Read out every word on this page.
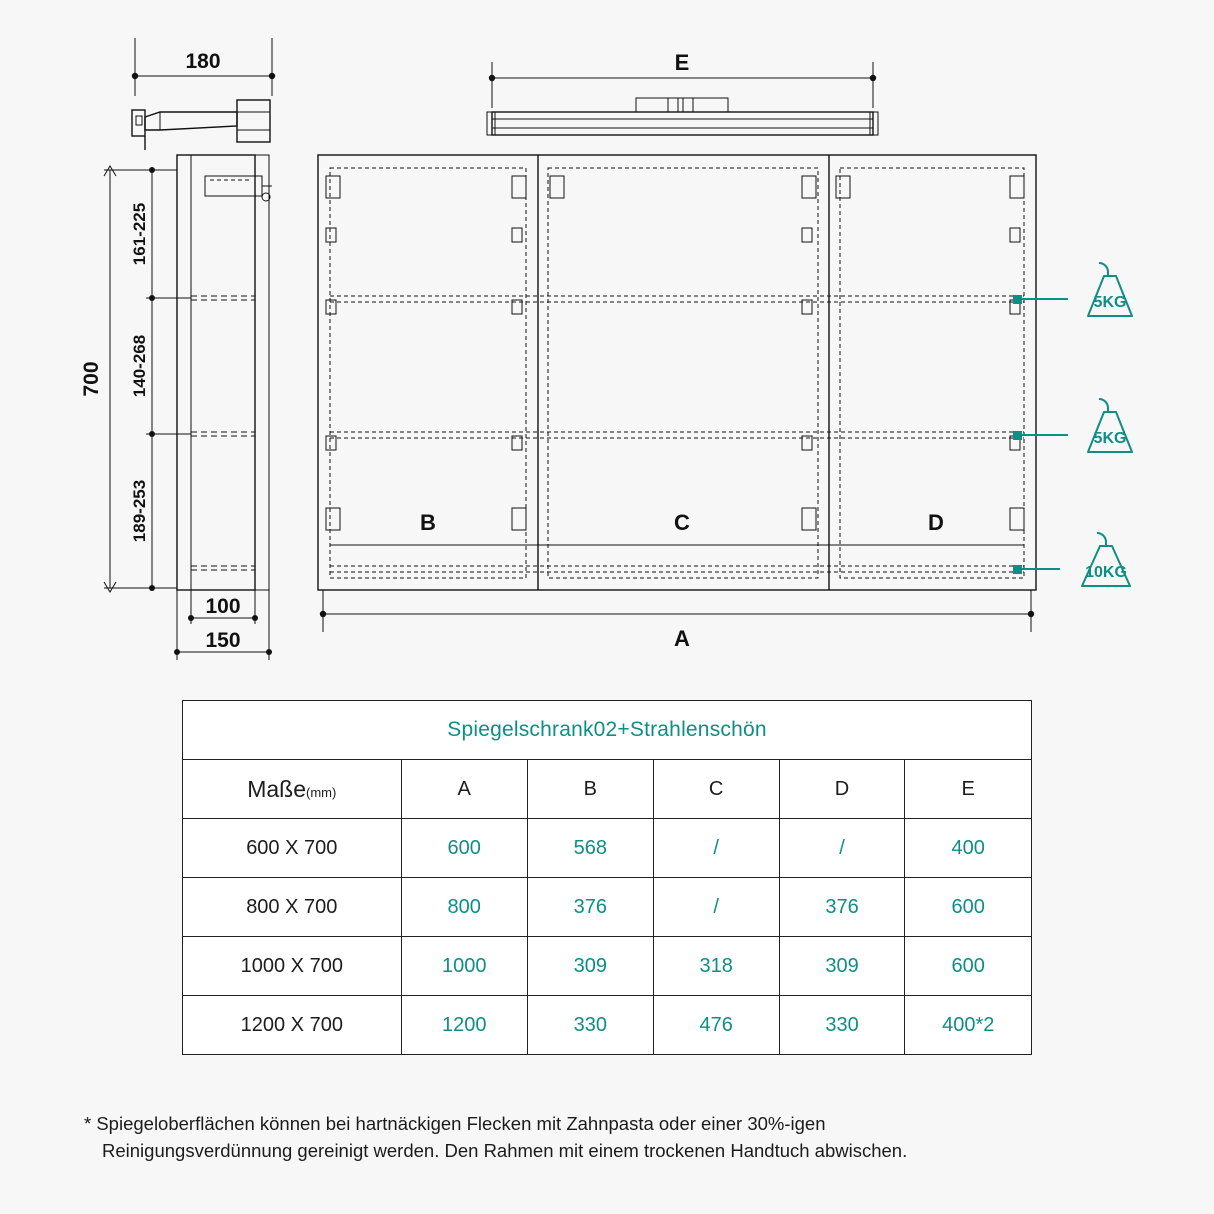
180
700
161-225
140-268
189-253
100
150
E
B	C	D
A
5KG
5KG
10KG
Spiegelschrank02+Strahlenschön					
Maße(mm)	A	B	C	D	E
600 X 700	600	568	/	/	400
800 X 700	800	376	/	376	600
1000 X 700	1000	309	318	309	600
1200 X 700	1200	330	476	330	400*2
* Spiegeloberflächen können bei hartnäckigen Flecken mit Zahnpasta oder einer 30%-igen
Reinigungsverdünnung gereinigt werden. Den Rahmen mit einem trockenen Handtuch abwischen.
